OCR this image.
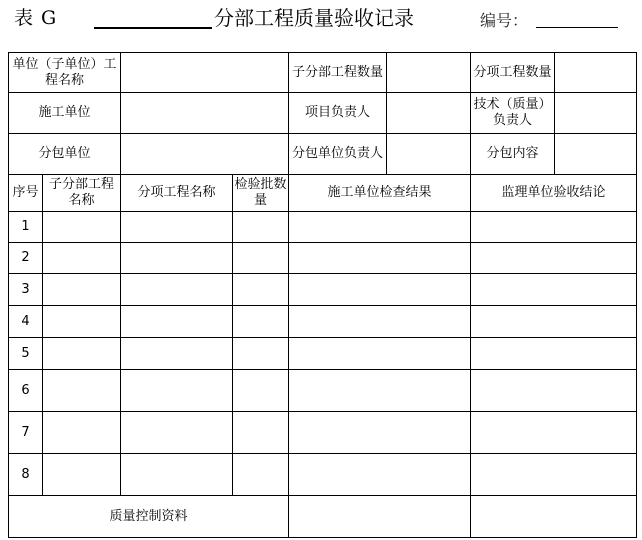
表 G	分部工程质量验收记录	编号：
单位（子单位）工程名称				子分部工程数量		分项工程数量	
施工单位				项目负责人		技术（质量）负责人	
分包单位				分包单位负责人		分包内容	
序号	子分部工程名称	分项工程名称	检验批数量	施工单位检查结果		监理单位验收结论	
1							
2							
3							
4							
5							
6							
7							
8							
质量控制资料							
